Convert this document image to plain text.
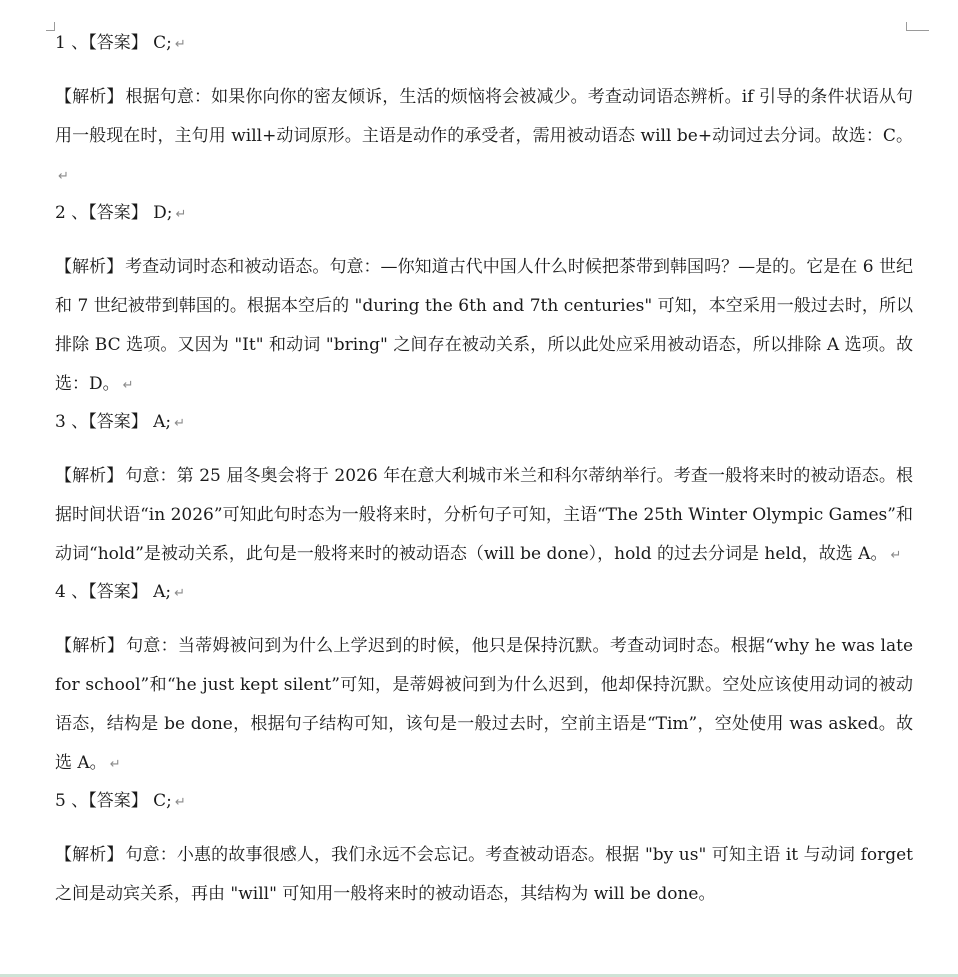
1 、【答案】 C; ↵

【解析】 根据句意：如果你向你的密友倾诉，生活的烦恼将会被减少。考查动词语态辨析。if 引导的条件状语从句用一般现在时，主句用 will+动词原形。主语是动作的承受者，需用被动语态 will be+动词过去分词。故选：C。↵

2 、【答案】 D; ↵

【解析】 考查动词时态和被动语态。句意：—你知道古代中国人什么时候把茶带到韩国吗？—是的。它是在 6 世纪和 7 世纪被带到韩国的。根据本空后的 "during the 6th and 7th centuries" 可知，本空采用一般过去时，所以排除 BC 选项。又因为 "It" 和动词 "bring" 之间存在被动关系，所以此处应采用被动语态，所以排除 A 选项。故选：D。 ↵

3 、【答案】 A; ↵

【解析】 句意：第 25 届冬奥会将于 2026 年在意大利城市米兰和科尔蒂纳举行。考查一般将来时的被动语态。根据时间状语“in 2026”可知此句时态为一般将来时，分析句子可知，主语“The 25th Winter Olympic Games”和动词“hold”是被动关系，此句是一般将来时的被动语态（will be done），hold 的过去分词是 held，故选 A。 ↵

4 、【答案】 A; ↵

【解析】 句意：当蒂姆被问到为什么上学迟到的时候，他只是保持沉默。考查动词时态。根据“why he was late for school”和“he just kept silent”可知，是蒂姆被问到为什么迟到，他却保持沉默。空处应该使用动词的被动语态，结构是 be done，根据句子结构可知，该句是一般过去时，空前主语是“Tim”，空处使用 was asked。故选 A。 ↵

5 、【答案】 C; ↵

【解析】 句意：小惠的故事很感人，我们永远不会忘记。考查被动语态。根据 "by us" 可知主语 it 与动词 forget 之间是动宾关系，再由 "will" 可知用一般将来时的被动语态，其结构为 will be done。
